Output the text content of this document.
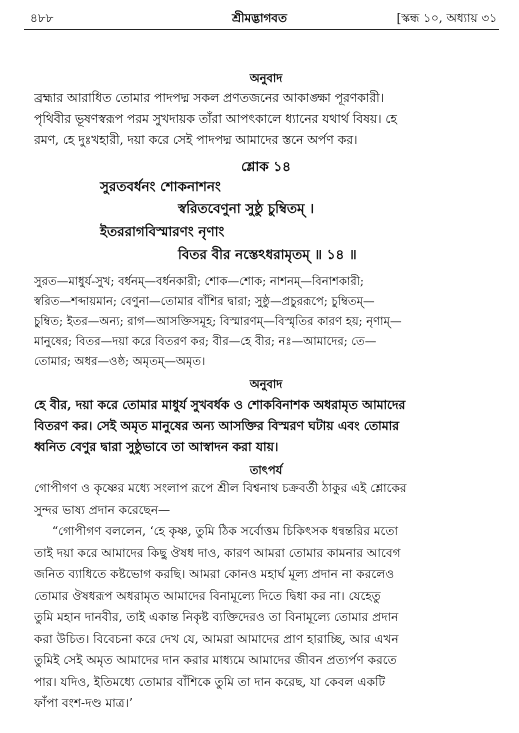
৪৮৮	শ্রীমদ্ভাগবত	[স্কন্ধ ১০, অধ্যায় ৩১
অনুবাদ
ব্রহ্মার আরাধিত তোমার পাদপদ্ম সকল প্রণতজনের আকাঙ্ক্ষা পূরণকারী।
পৃথিবীর ভূষণস্বরূপ পরম সুখদায়ক তাঁরা আপৎকালে ধ্যানের যথার্থ বিষয়। হে
রমণ, হে দুঃখহারী, দয়া করে সেই পাদপদ্ম আমাদের স্তনে অর্পণ কর।
শ্লোক ১৪
সুরতবর্ধনং শোকনাশনং
স্বরিতবেণুনা সুষ্ঠু চুম্বিতম্ ।
ইতররাগবিস্মারণং নৃণাং
বিতর বীর নস্তেঽধরামৃতম্ ॥ ১৪ ॥
সুরত—মাধুর্য-সুখ; বর্ধনম্—বর্ধনকারী; শোক—শোক; নাশনম্—বিনাশকারী;
স্বরিত—শব্দায়মান; বেণুনা—তোমার বাঁশির দ্বারা; সুষ্ঠু—প্রচুররূপে; চুম্বিতম্—
চুম্বিত; ইতর—অন্য; রাগ—আসক্তিসমূহ; বিস্মারণম্—বিস্মৃতির কারণ হয়; নৃণাম্—
মানুষের; বিতর—দয়া করে বিতরণ কর; বীর—হে বীর; নঃ—আমাদের; তে—
তোমার; অধর—ওষ্ঠ; অমৃতম্—অমৃত।
অনুবাদ
হে বীর, দয়া করে তোমার মাধুর্য সুখবর্ধক ও শোকবিনাশক অধরামৃত আমাদের
বিতরণ কর। সেই অমৃত মানুষের অন্য আসক্তির বিস্মরণ ঘটায় এবং তোমার
ধ্বনিত বেণুর দ্বারা সুষ্ঠুভাবে তা আস্বাদন করা যায়।
তাৎপর্য
গোপীগণ ও কৃষ্ণের মধ্যে সংলাপ রূপে শ্রীল বিশ্বনাথ চক্রবর্তী ঠাকুর এই শ্লোকের
সুন্দর ভাষ্য প্রদান করেছেন—
“গোপীগণ বললেন, ‘হে কৃষ্ণ, তুমি ঠিক সর্বোত্তম চিকিৎসক ধন্বন্তরির মতো
তাই দয়া করে আমাদের কিছু ঔষধ দাও, কারণ আমরা তোমার কামনার আবেগ
জনিত ব্যাধিতে কষ্টভোগ করছি। আমরা কোনও মহার্ঘ মূল্য প্রদান না করলেও
তোমার ঔষধরূপ অধরামৃত আমাদের বিনামূল্যে দিতে দ্বিধা কর না। যেহেতু
তুমি মহান দানবীর, তাই একান্ত নিকৃষ্ট ব্যক্তিদেরও তা বিনামূল্যে তোমার প্রদান
করা উচিত। বিবেচনা করে দেখ যে, আমরা আমাদের প্রাণ হারাচ্ছি, আর এখন
তুমিই সেই অমৃত আমাদের দান করার মাধ্যমে আমাদের জীবন প্রত্যর্পণ করতে
পার। যদিও, ইতিমধ্যে তোমার বাঁশিকে তুমি তা দান করেছ, যা কেবল একটি
ফাঁপা বংশ-দণ্ড মাত্র।’
